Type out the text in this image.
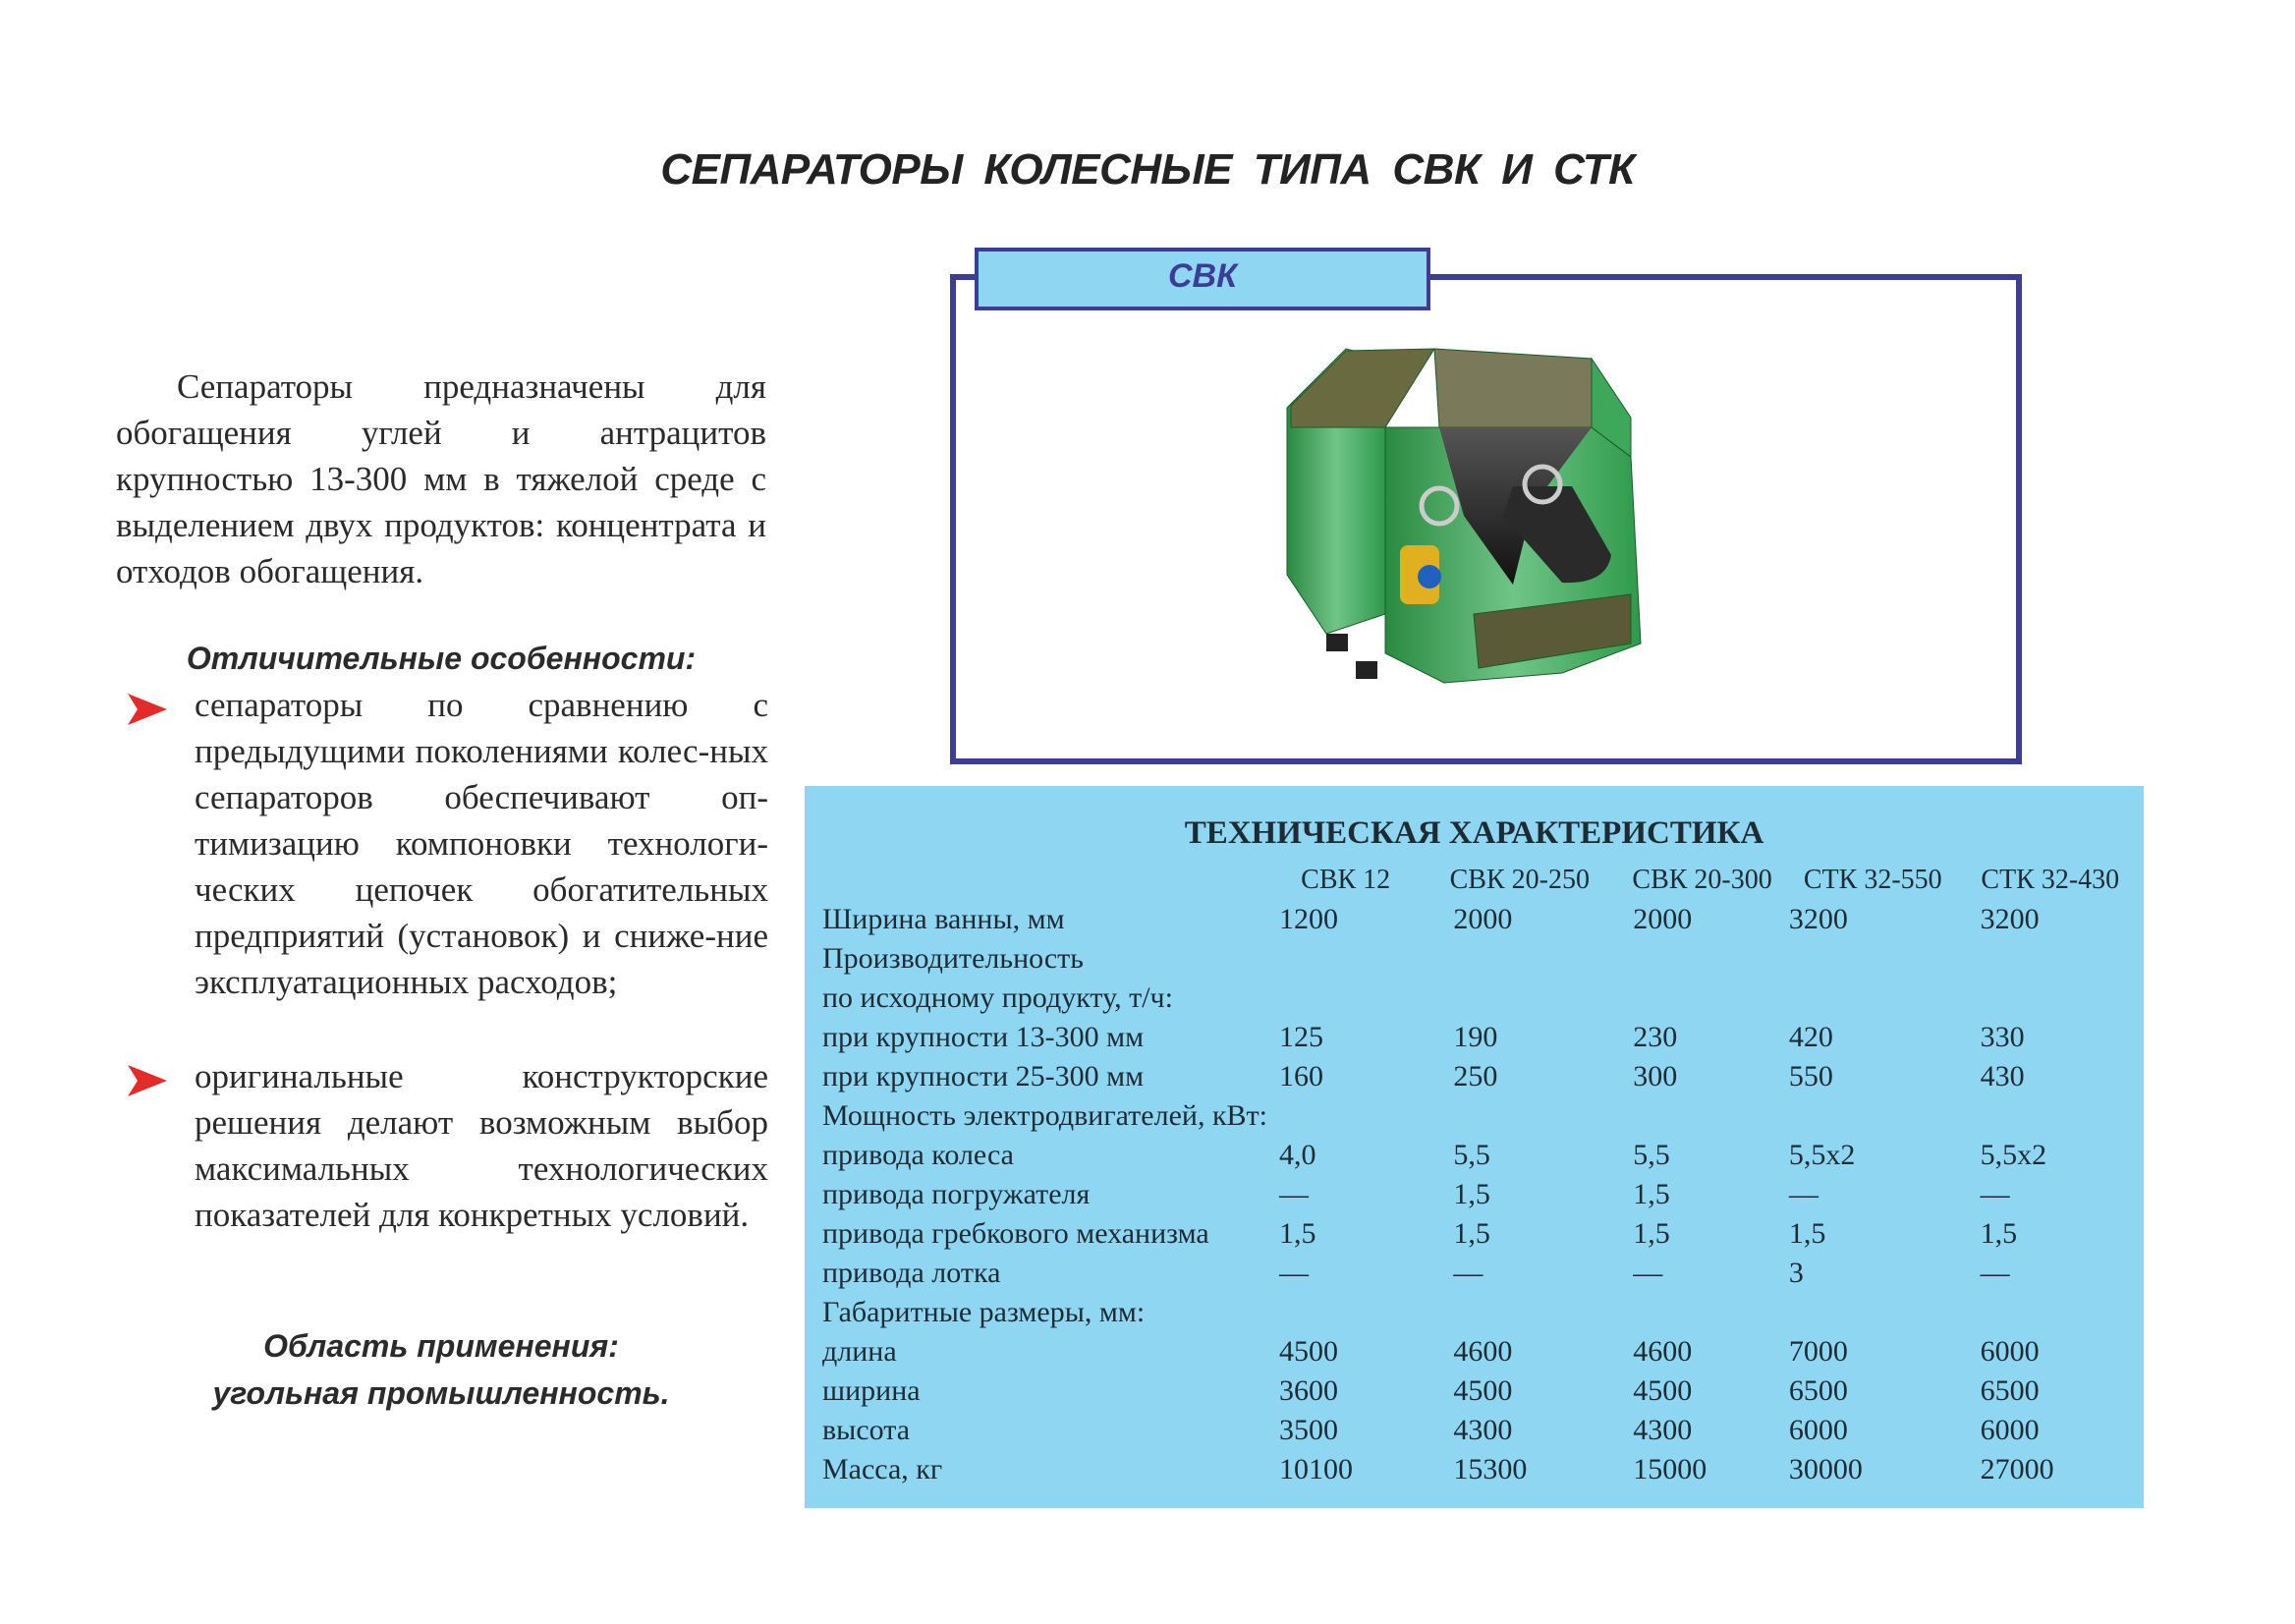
СЕПАРАТОРЫ КОЛЕСНЫЕ ТИПА СВК И СТК

Сепараторы предназначены для обогащения углей и антрацитов крупностью 13-300 мм в тяжелой среде с выделением двух продуктов: концентрата и отходов обогащения.

Отличительные особенности:
сепараторы по сравнению с предыдущими поколениями колес-ных сепараторов обеспечивают оп-тимизацию компоновки технологи-ческих цепочек обогатительных предприятий (установок) и сниже-ние эксплуатационных расходов;
оригинальные конструкторские решения делают возможным выбор максимальных технологических показателей для конкретных условий.
Область применения:
угольная промышленность.
СВК
ТЕХНИЧЕСКАЯ ХАРАКТЕРИСТИКА
	СВК 12	СВК 20-250	СВК 20-300	СТК 32-550	СТК 32-430
Ширина ванны, мм	1200	2000	2000	3200	3200
Производительность					
по исходному продукту, т/ч:					
при крупности 13-300 мм	125	190	230	420	330
при крупности 25-300 мм	160	250	300	550	430
Мощность электродвигателей, кВт:					
привода колеса	4,0	5,5	5,5	5,5х2	5,5х2
привода погружателя	—	1,5	1,5	—	—
привода гребкового механизма	1,5	1,5	1,5	1,5	1,5
привода лотка	—	—	—	3	—
Габаритные размеры, мм:					
длина	4500	4600	4600	7000	6000
ширина	3600	4500	4500	6500	6500
высота	3500	4300	4300	6000	6000
Масса, кг	10100	15300	15000	30000	27000
